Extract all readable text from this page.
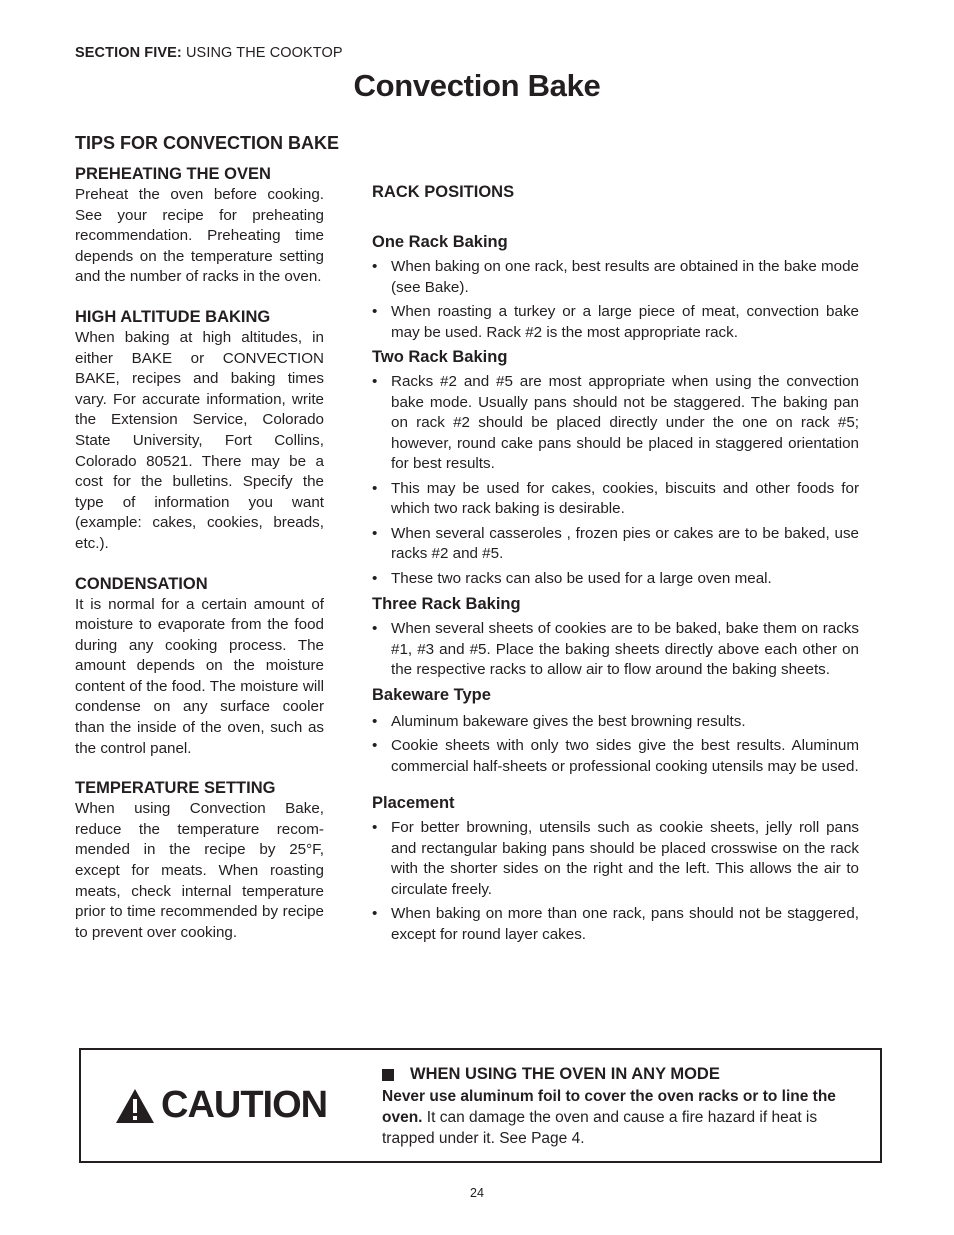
SECTION FIVE: USING THE COOKTOP
Convection Bake
TIPS FOR CONVECTION BAKE
PREHEATING THE OVEN

Preheat the oven before cooking. See your recipe for preheating recommendation. Preheating time depends on the temperature setting and the number of racks in the oven.

HIGH ALTITUDE BAKING

When baking at high altitudes, in either BAKE or CONVECTION BAKE, recipes and baking times vary. For accurate information, write the Extension Service, Colorado State University, Fort Collins, Colorado 80521. There may be a cost for the bulletins. Specify the type of information you want (example: cakes, cookies, breads, etc.).

CONDENSATION

It is normal for a certain amount of moisture to evaporate from the food during any cooking process. The amount depends on the moisture content of the food. The moisture will condense on any surface cooler than the inside of the oven, such as the control panel.

TEMPERATURE SETTING

When using Convection Bake, reduce the temperature recom-mended in the recipe by 25°F, except for meats. When roasting meats, check internal temperature prior to time recommended by recipe to prevent over cooking.

RACK POSITIONS
One Rack Baking
• When baking on one rack, best results are obtained in the bake mode (see Bake).
• When roasting a turkey or a large piece of meat, convection bake may be used. Rack #2 is the most appropriate rack.
Two Rack Baking
• Racks #2 and #5 are most appropriate when using the convection bake mode. Usually pans should not be staggered. The baking pan on rack #2 should be placed directly under the one on rack #5; however, round cake pans should be placed in staggered orientation for best results.
• This may be used for cakes, cookies, biscuits and other foods for which two rack baking is desirable.
• When several casseroles , frozen pies or cakes are to be baked, use racks #2 and #5.
• These two racks can also be used for a large oven meal.
Three Rack Baking
• When several sheets of cookies are to be baked, bake them on racks #1, #3 and #5. Place the baking sheets directly above each other on the respective racks to allow air to flow around the baking sheets.
Bakeware Type
• Aluminum bakeware gives the best browning results.
• Cookie sheets with only two sides give the best results. Aluminum commercial half-sheets or professional cooking utensils may be used.
Placement
• For better browning, utensils such as cookie sheets, jelly roll pans and rectangular baking pans should be placed crosswise on the rack with the shorter sides on the right and the left. This allows the air to circulate freely.
• When baking on more than one rack, pans should not be staggered, except for round layer cakes.
CAUTION
WHEN USING THE OVEN IN ANY MODE
Never use aluminum foil to cover the oven racks or to line the oven. It can damage the oven and cause a fire hazard if heat is trapped under it. See Page 4.
24
